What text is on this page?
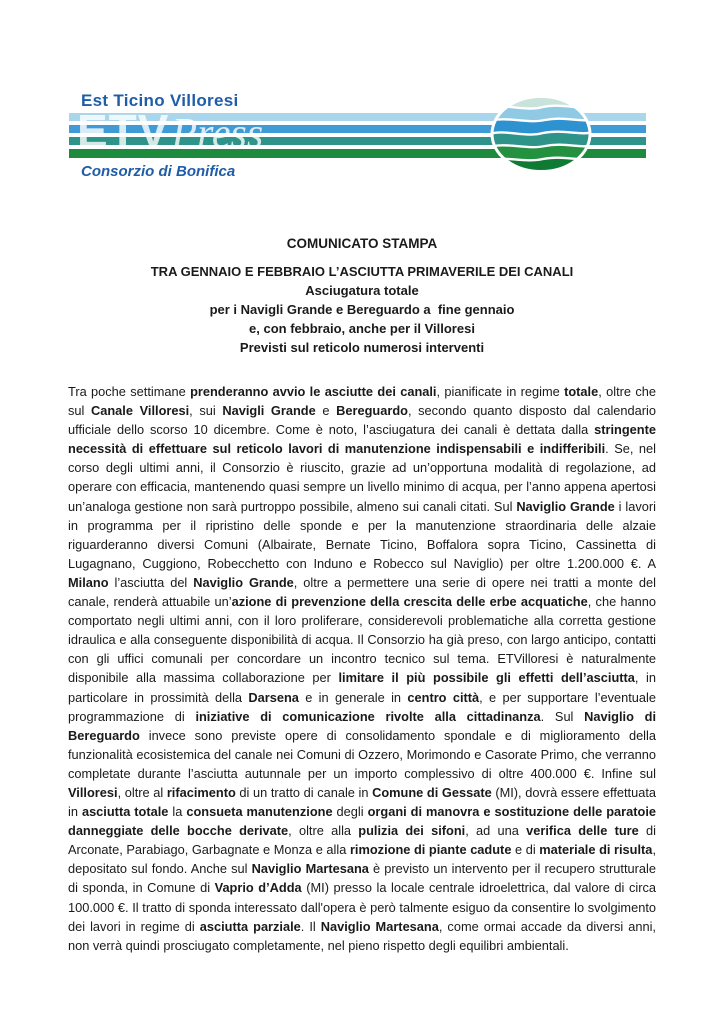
Est Ticino Villoresi
ETVPress
Consorzio di Bonifica
COMUNICATO STAMPA
TRA GENNAIO E FEBBRAIO L’ASCIUTTA PRIMAVERILE DEI CANALI
Asciugatura totale
per i Navigli Grande e Bereguardo a  fine gennaio
e, con febbraio, anche per il Villoresi
Previsti sul reticolo numerosi interventi

Tra poche settimane prenderanno avvio le asciutte dei canali, pianificate in regime totale, oltre che sul Canale Villoresi, sui Navigli Grande e Bereguardo, secondo quanto disposto dal calendario ufficiale dello scorso 10 dicembre. Come è noto, l’asciugatura dei canali è dettata dalla stringente necessità di effettuare sul reticolo lavori di manutenzione indispensabili e indifferibili. Se, nel corso degli ultimi anni, il Consorzio è riuscito, grazie ad un’opportuna modalità di regolazione, ad operare con efficacia, mantenendo quasi sempre un livello minimo di acqua, per l’anno appena apertosi un’analoga gestione non sarà purtroppo possibile, almeno sui canali citati. Sul Naviglio Grande i lavori in programma per il ripristino delle sponde e per la manutenzione straordinaria delle alzaie riguarderanno diversi Comuni (Albairate, Bernate Ticino, Boffalora sopra Ticino, Cassinetta di Lugagnano, Cuggiono, Robecchetto con Induno e Robecco sul Naviglio) per oltre 1.200.000 €. A Milano l’asciutta del Naviglio Grande, oltre a permettere una serie di opere nei tratti a monte del canale, renderà attuabile un’azione di prevenzione della crescita delle erbe acquatiche, che hanno comportato negli ultimi anni, con il loro proliferare, considerevoli problematiche alla corretta gestione idraulica e alla conseguente disponibilità di acqua. Il Consorzio ha già preso, con largo anticipo, contatti con gli uffici comunali per concordare un incontro tecnico sul tema. ETVilloresi è naturalmente disponibile alla massima collaborazione per limitare il più possibile gli effetti dell’asciutta, in particolare in prossimità della Darsena e in generale in centro città, e per supportare l’eventuale programmazione di iniziative di comunicazione rivolte alla cittadinanza. Sul Naviglio di Bereguardo invece sono previste opere di consolidamento spondale e di miglioramento della funzionalità ecosistemica del canale nei Comuni di Ozzero, Morimondo e Casorate Primo, che verranno completate durante l’asciutta autunnale per un importo complessivo di oltre 400.000 €. Infine sul Villoresi, oltre al rifacimento di un tratto di canale in Comune di Gessate (MI), dovrà essere effettuata in asciutta totale la consueta manutenzione degli organi di manovra e sostituzione delle paratoie danneggiate delle bocche derivate, oltre alla pulizia dei sifoni, ad una verifica delle ture di Arconate, Parabiago, Garbagnate e Monza e alla rimozione di piante cadute e di materiale di risulta, depositato sul fondo. Anche sul Naviglio Martesana è previsto un intervento per il recupero strutturale di sponda, in Comune di Vaprio d’Adda (MI) presso la locale centrale idroelettrica, dal valore di circa 100.000 €. Il tratto di sponda interessato dall'opera è però talmente esiguo da consentire lo svolgimento dei lavori in regime di asciutta parziale. Il Naviglio Martesana, come ormai accade da diversi anni, non verrà quindi prosciugato completamente, nel pieno rispetto degli equilibri ambientali.
